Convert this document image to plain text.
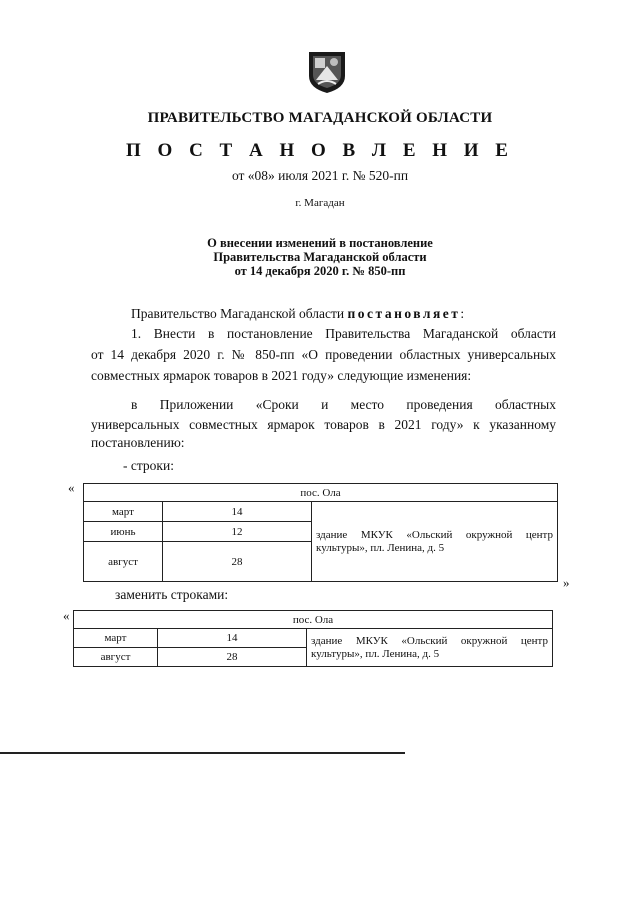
ПРАВИТЕЛЬСТВО МАГАДАНСКОЙ ОБЛАСТИ
П О С Т А Н О В Л Е Н И Е
от «08» июля 2021 г. № 520-пп
г. Магадан
О внесении изменений в постановление
Правительства Магаданской области
от 14 декабря 2020 г. № 850-пп
Правительство Магаданской области постановляет:
1. Внести в постановление Правительства Магаданской области
от 14 декабря 2020 г. № 850-пп «О проведении областных универсальных
совместных ярмарок товаров в 2021 году» следующие изменения:
в Приложении «Сроки и место проведения областных
универсальных совместных ярмарок товаров в 2021 году» к указанному
постановлению:
- строки:
«	пос. Ола		
март	14	здание МКУК «Ольский окружной центр культуры», пл. Ленина, д. 5
июнь	12	
август	28	
»
заменить строками:
«	пос. Ола		
март	14	здание МКУК «Ольский окружной центр культуры», пл. Ленина, д. 5
август	28	
